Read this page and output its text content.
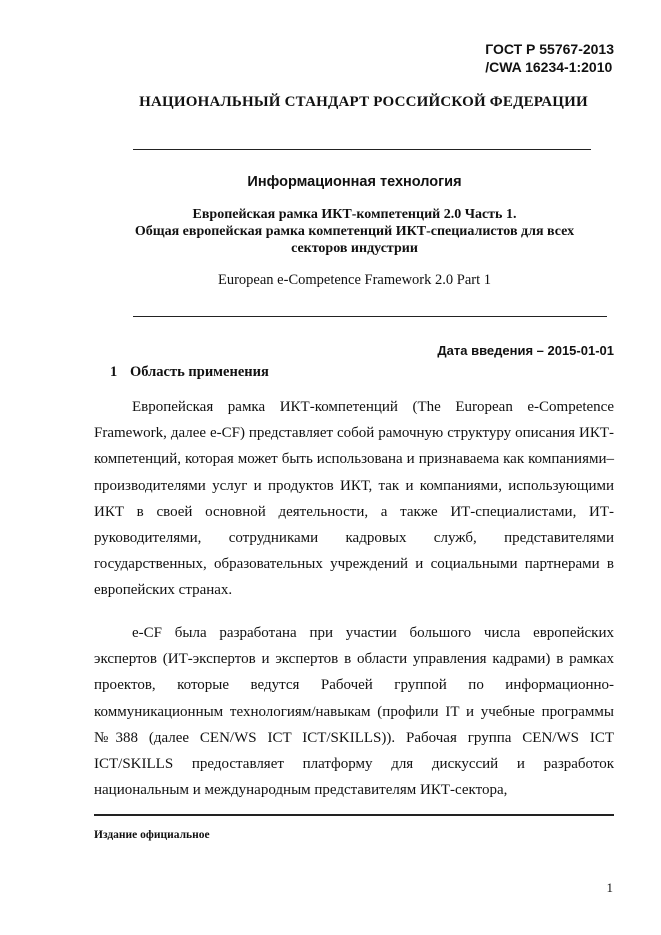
ГОСТ Р 55767-2013
/CWA 16234-1:2010
НАЦИОНАЛЬНЫЙ СТАНДАРТ РОССИЙСКОЙ ФЕДЕРАЦИИ
Информационная технология
Европейская рамка ИКТ-компетенций 2.0 Часть 1.
Общая европейская рамка компетенций ИКТ-специалистов для всех
секторов индустрии
European e-Competence Framework 2.0 Part 1
Дата введения – 2015-01-01
1 Область применения

Европейская рамка ИКТ-компетенций (The European e-Competence Framework, далее e-CF) представляет собой рамочную структуру описания ИКТ-компетенций, которая может быть использована и признаваема как компаниями–производителями услуг и продуктов ИКТ, так и компаниями, использующими ИКТ в своей основной деятельности, а также ИТ-специалистами, ИТ-руководителями, сотрудниками кадровых служб, представителями государственных, образовательных учреждений и социальными партнерами в европейских странах.

e-CF была разработана при участии большого числа европейских экспертов (ИТ-экспертов и экспертов в области управления кадрами) в рамках проектов, которые ведутся Рабочей группой по информационно-коммуникационным технологиям/навыкам (профили IT и учебные программы №388 (далее CEN/WS ICT ICT/SKILLS)). Рабочая группа CEN/WS ICT ICT/SKILLS предоставляет платформу для дискуссий и разработок национальным и международным представителям ИКТ-сектора,

Издание официальное
1
